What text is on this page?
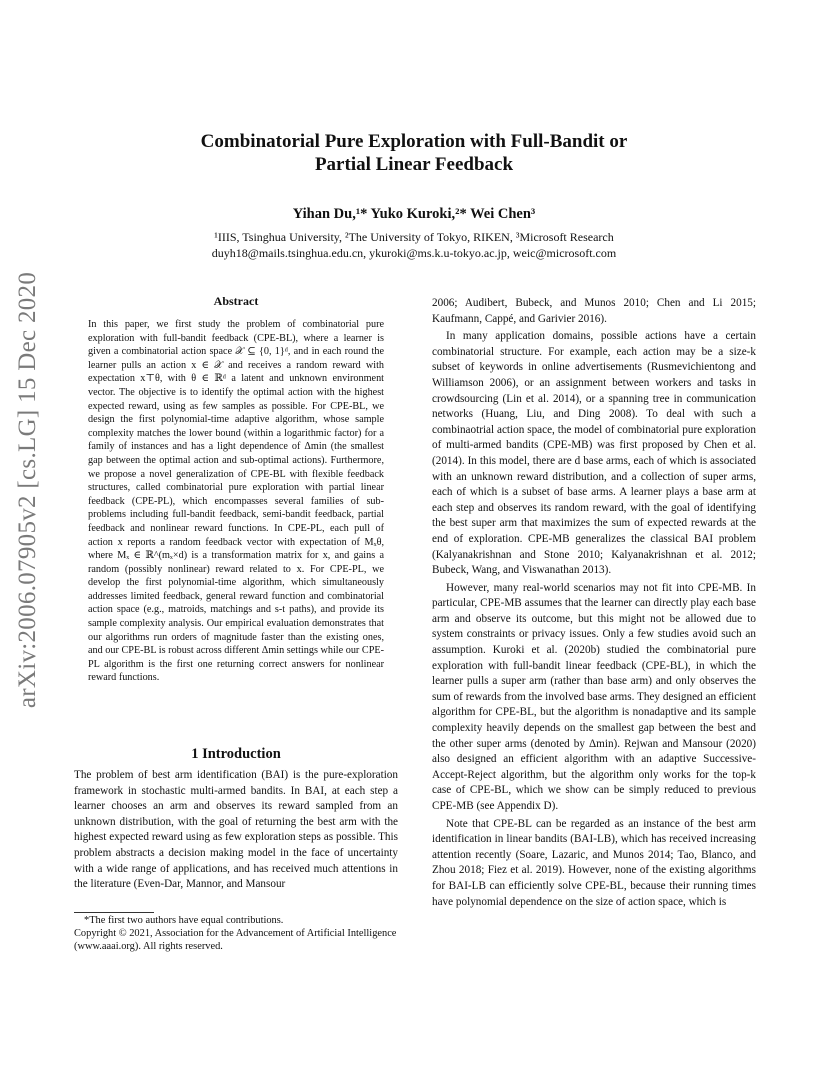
arXiv:2006.07905v2 [cs.LG] 15 Dec 2020
Combinatorial Pure Exploration with Full-Bandit or
Partial Linear Feedback
Yihan Du,¹* Yuko Kuroki,²* Wei Chen³
¹IIIS, Tsinghua University, ²The University of Tokyo, RIKEN, ³Microsoft Research
duyh18@mails.tsinghua.edu.cn, ykuroki@ms.k.u-tokyo.ac.jp, weic@microsoft.com
Abstract
In this paper, we first study the problem of combinatorial pure exploration with full-bandit feedback (CPE-BL), where a learner is given a combinatorial action space 𝒳 ⊆ {0, 1}ᵈ, and in each round the learner pulls an action x ∈ 𝒳 and receives a random reward with expectation x⊤θ, with θ ∈ ℝᵈ a latent and unknown environment vector. The objective is to identify the optimal action with the highest expected reward, using as few samples as possible. For CPE-BL, we design the first polynomial-time adaptive algorithm, whose sample complexity matches the lower bound (within a logarithmic factor) for a family of instances and has a light dependence of Δmin (the smallest gap between the optimal action and sub-optimal actions). Furthermore, we propose a novel generalization of CPE-BL with flexible feedback structures, called combinatorial pure exploration with partial linear feedback (CPE-PL), which encompasses several families of sub-problems including full-bandit feedback, semi-bandit feedback, partial feedback and nonlinear reward functions. In CPE-PL, each pull of action x reports a random feedback vector with expectation of Mₓθ, where Mₓ ∈ ℝ^(mₓ×d) is a transformation matrix for x, and gains a random (possibly nonlinear) reward related to x. For CPE-PL, we develop the first polynomial-time algorithm, which simultaneously addresses limited feedback, general reward function and combinatorial action space (e.g., matroids, matchings and s-t paths), and provide its sample complexity analysis. Our empirical evaluation demonstrates that our algorithms run orders of magnitude faster than the existing ones, and our CPE-BL is robust across different Δmin settings while our CPE-PL algorithm is the first one returning correct answers for nonlinear reward functions.
1 Introduction

The problem of best arm identification (BAI) is the pure-exploration framework in stochastic multi-armed bandits. In BAI, at each step a learner chooses an arm and observes its reward sampled from an unknown distribution, with the goal of returning the best arm with the highest expected reward using as few exploration steps as possible. This problem abstracts a decision making model in the face of uncertainty with a wide range of applications, and has received much attentions in the literature (Even-Dar, Mannor, and Mansour

*The first two authors have equal contributions.
Copyright © 2021, Association for the Advancement of Artificial Intelligence (www.aaai.org). All rights reserved.

2006; Audibert, Bubeck, and Munos 2010; Chen and Li 2015; Kaufmann, Cappé, and Garivier 2016).

In many application domains, possible actions have a certain combinatorial structure. For example, each action may be a size-k subset of keywords in online advertisements (Rusmevichientong and Williamson 2006), or an assignment between workers and tasks in crowdsourcing (Lin et al. 2014), or a spanning tree in communication networks (Huang, Liu, and Ding 2008). To deal with such a combinaotrial action space, the model of combinatorial pure exploration of multi-armed bandits (CPE-MB) was first proposed by Chen et al. (2014). In this model, there are d base arms, each of which is associated with an unknown reward distribution, and a collection of super arms, each of which is a subset of base arms. A learner plays a base arm at each step and observes its random reward, with the goal of identifying the best super arm that maximizes the sum of expected rewards at the end of exploration. CPE-MB generalizes the classical BAI problem (Kalyanakrishnan and Stone 2010; Kalyanakrishnan et al. 2012; Bubeck, Wang, and Viswanathan 2013).

However, many real-world scenarios may not fit into CPE-MB. In particular, CPE-MB assumes that the learner can directly play each base arm and observe its outcome, but this might not be allowed due to system constraints or privacy issues. Only a few studies avoid such an assumption. Kuroki et al. (2020b) studied the combinatorial pure exploration with full-bandit linear feedback (CPE-BL), in which the learner pulls a super arm (rather than base arm) and only observes the sum of rewards from the involved base arms. They designed an efficient algorithm for CPE-BL, but the algorithm is nonadaptive and its sample complexity heavily depends on the smallest gap between the best and the other super arms (denoted by Δmin). Rejwan and Mansour (2020) also designed an efficient algorithm with an adaptive Successive-Accept-Reject algorithm, but the algorithm only works for the top-k case of CPE-BL, which we show can be simply reduced to previous CPE-MB (see Appendix D).

Note that CPE-BL can be regarded as an instance of the best arm identification in linear bandits (BAI-LB), which has received increasing attention recently (Soare, Lazaric, and Munos 2014; Tao, Blanco, and Zhou 2018; Fiez et al. 2019). However, none of the existing algorithms for BAI-LB can efficiently solve CPE-BL, because their running times have polynomial dependence on the size of action space, which is
